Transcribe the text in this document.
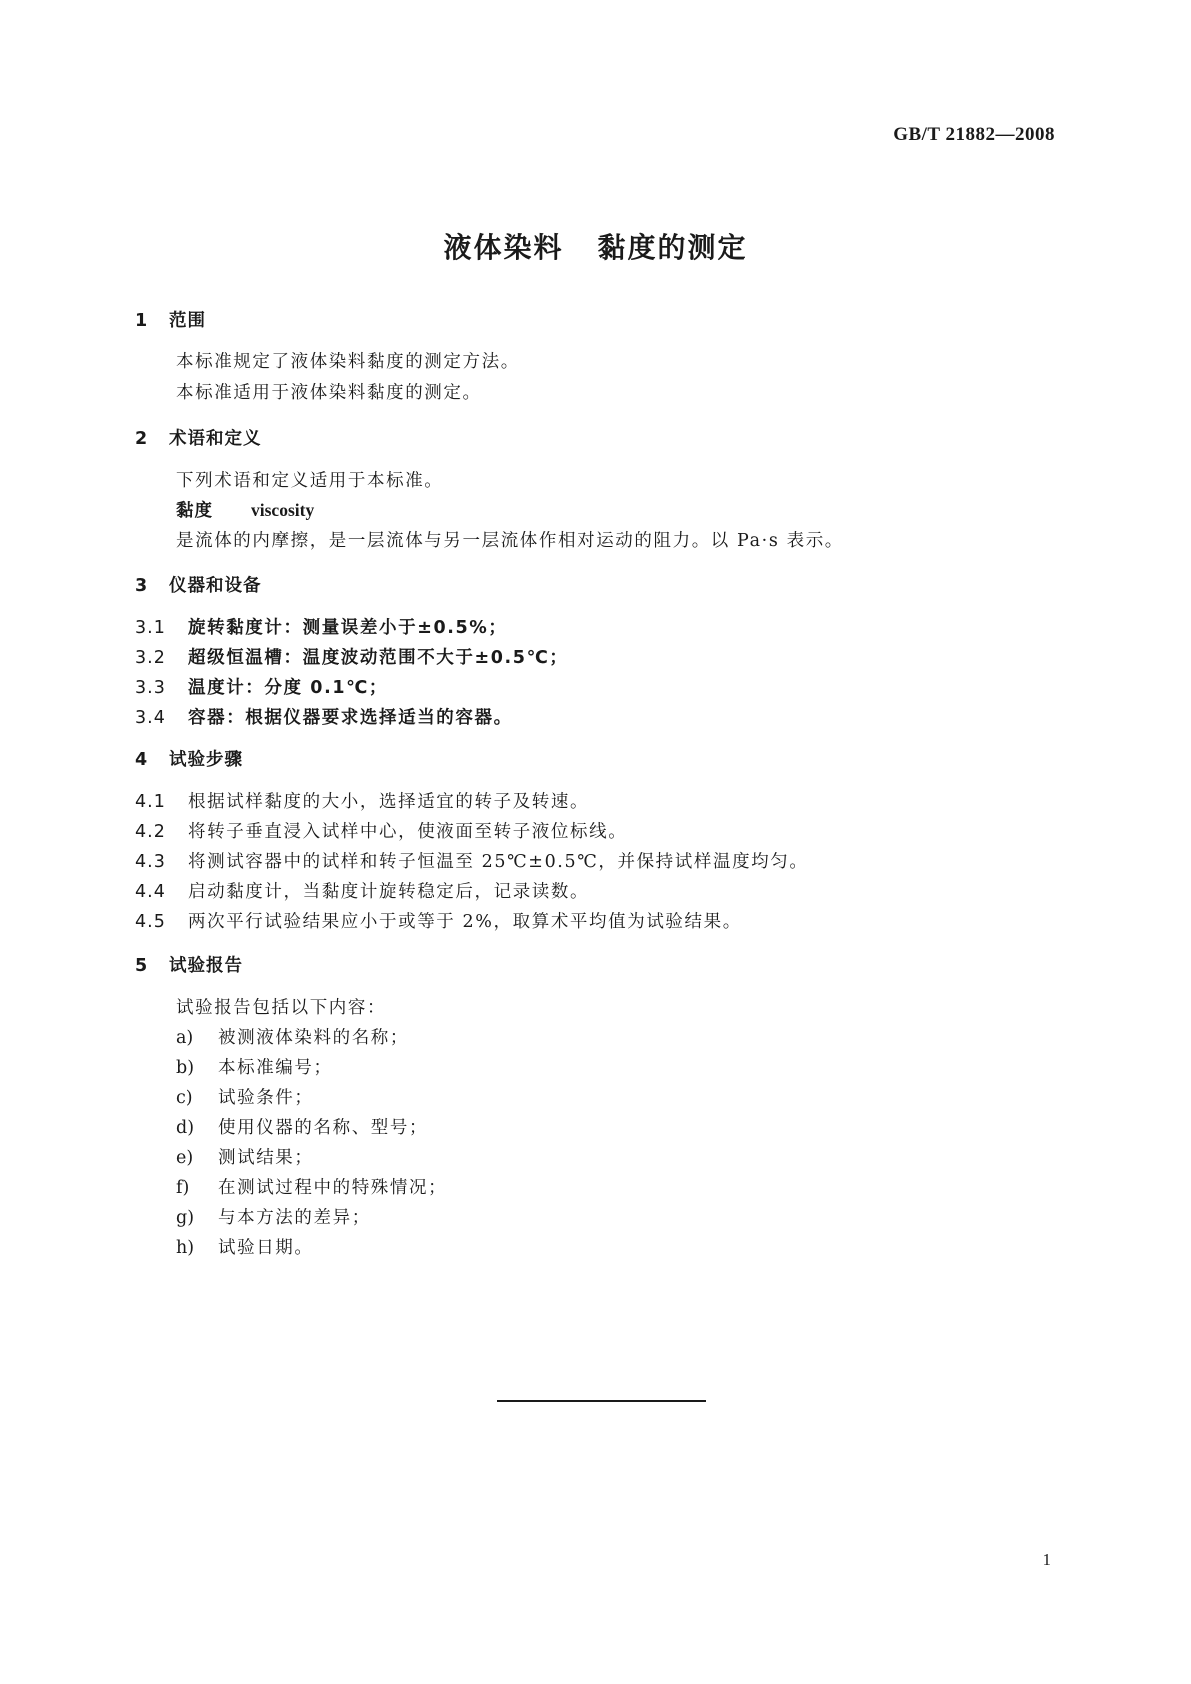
GB/T 21882—2008
液体染料 黏度的测定
1 范围
本标准规定了液体染料黏度的测定方法。
本标准适用于液体染料黏度的测定。
2 术语和定义
下列术语和定义适用于本标准。
黏度 viscosity
是流体的内摩擦，是一层流体与另一层流体作相对运动的阻力。以 Pa·s 表示。
3 仪器和设备
3.1 旋转黏度计：测量误差小于±0.5%；
3.2 超级恒温槽：温度波动范围不大于±0.5℃；
3.3 温度计：分度 0.1℃；
3.4 容器：根据仪器要求选择适当的容器。
4 试验步骤
4.1 根据试样黏度的大小，选择适宜的转子及转速。
4.2 将转子垂直浸入试样中心，使液面至转子液位标线。
4.3 将测试容器中的试样和转子恒温至 25℃±0.5℃，并保持试样温度均匀。
4.4 启动黏度计，当黏度计旋转稳定后，记录读数。
4.5 两次平行试验结果应小于或等于 2%，取算术平均值为试验结果。
5 试验报告
试验报告包括以下内容：
a) 被测液体染料的名称；
b) 本标准编号；
c) 试验条件；
d) 使用仪器的名称、型号；
e) 测试结果；
f) 在测试过程中的特殊情况；
g) 与本方法的差异；
h) 试验日期。
1
